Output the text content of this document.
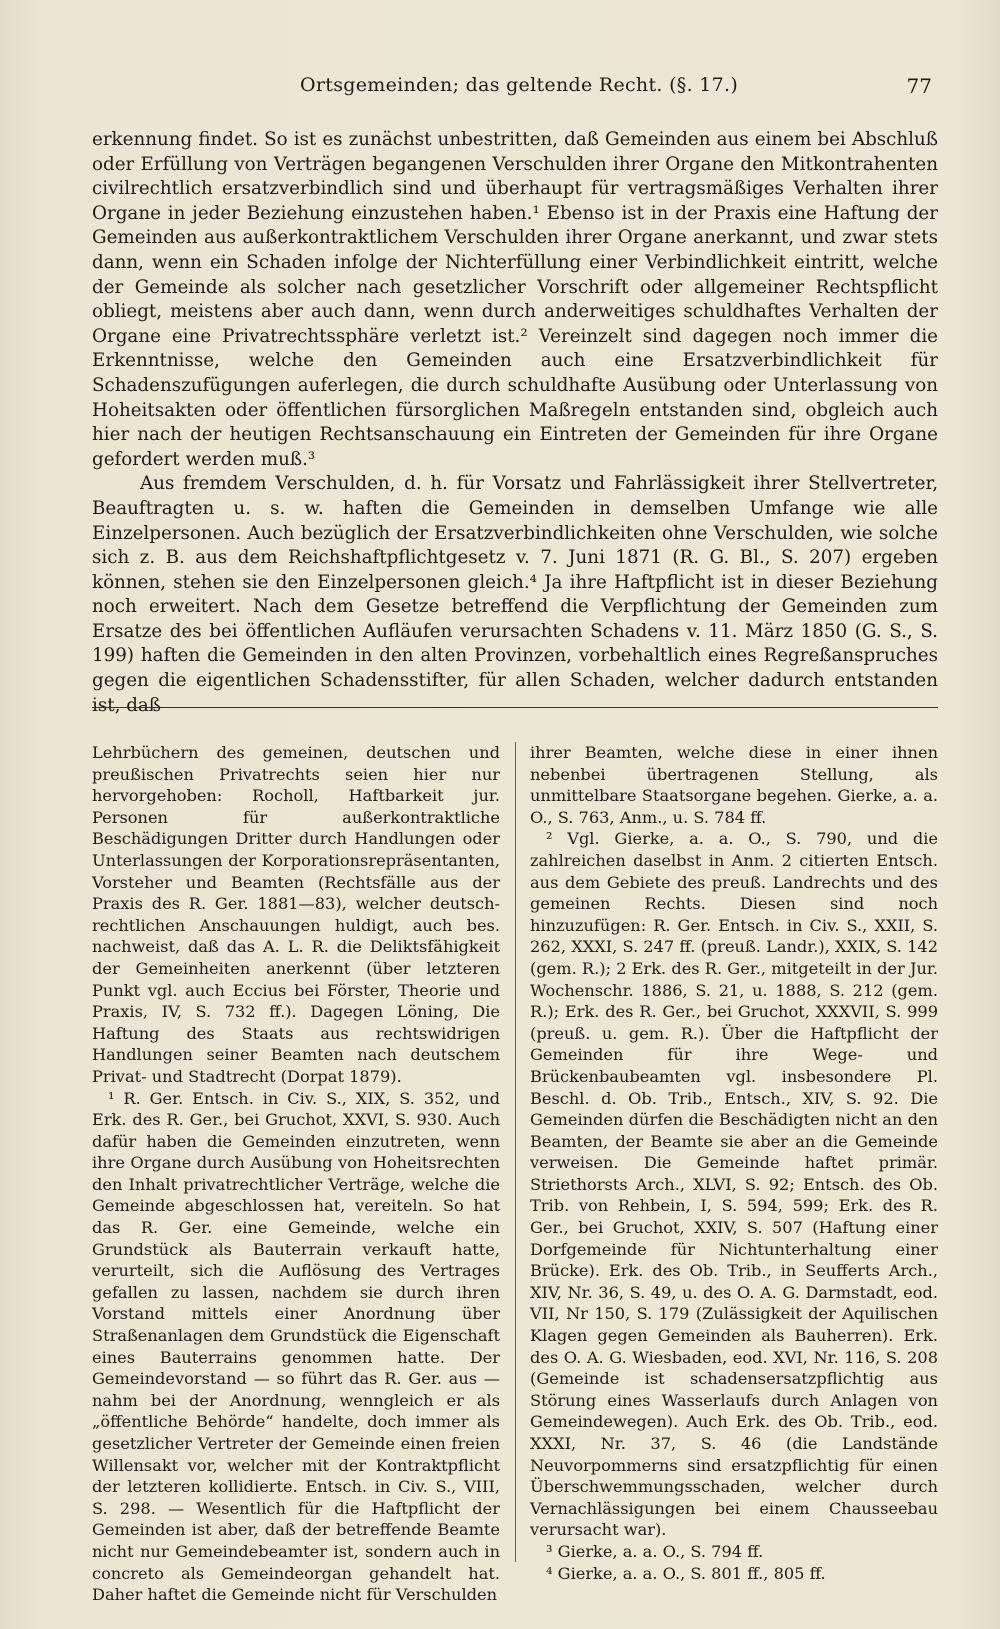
Ortsgemeinden; das geltende Recht. (§. 17.)	77

erkennung findet. So ist es zunächst unbestritten, daß Gemeinden aus einem bei Abschluß oder Erfüllung von Verträgen begangenen Verschulden ihrer Organe den Mitkontrahenten civilrechtlich ersatzverbindlich sind und überhaupt für vertragsmäßiges Verhalten ihrer Organe in jeder Beziehung einzustehen haben.¹ Ebenso ist in der Praxis eine Haftung der Gemeinden aus außerkontraktlichem Verschulden ihrer Organe anerkannt, und zwar stets dann, wenn ein Schaden infolge der Nichterfüllung einer Verbindlichkeit eintritt, welche der Gemeinde als solcher nach gesetzlicher Vorschrift oder allgemeiner Rechtspflicht obliegt, meistens aber auch dann, wenn durch anderweitiges schuldhaftes Verhalten der Organe eine Privatrechtssphäre verletzt ist.² Vereinzelt sind dagegen noch immer die Erkenntnisse, welche den Gemeinden auch eine Ersatzverbindlichkeit für Schadenszufügungen auferlegen, die durch schuldhafte Ausübung oder Unterlassung von Hoheitsakten oder öffentlichen fürsorglichen Maßregeln entstanden sind, obgleich auch hier nach der heutigen Rechtsanschauung ein Eintreten der Gemeinden für ihre Organe gefordert werden muß.³

Aus fremdem Verschulden, d. h. für Vorsatz und Fahrlässigkeit ihrer Stellvertreter, Beauftragten u. s. w. haften die Gemeinden in demselben Umfange wie alle Einzelpersonen. Auch bezüglich der Ersatzverbindlichkeiten ohne Verschulden, wie solche sich z. B. aus dem Reichshaftpflichtgesetz v. 7. Juni 1871 (R. G. Bl., S. 207) ergeben können, stehen sie den Einzelpersonen gleich.⁴ Ja ihre Haftpflicht ist in dieser Beziehung noch erweitert. Nach dem Gesetze betreffend die Verpflichtung der Gemeinden zum Ersatze des bei öffentlichen Aufläufen verursachten Schadens v. 11. März 1850 (G. S., S. 199) haften die Gemeinden in den alten Provinzen, vorbehaltlich eines Regreßanspruches gegen die eigentlichen Schadensstifter, für allen Schaden, welcher dadurch entstanden ist, daß

Lehrbüchern des gemeinen, deutschen und preußischen Privatrechts seien hier nur hervorgehoben: Rocholl, Haftbarkeit jur. Personen für außerkontraktliche Beschädigungen Dritter durch Handlungen oder Unterlassungen der Korporationsrepräsentanten, Vorsteher und Beamten (Rechtsfälle aus der Praxis des R. Ger. 1881—83), welcher deutsch-rechtlichen Anschauungen huldigt, auch bes. nachweist, daß das A. L. R. die Deliktsfähigkeit der Gemeinheiten anerkennt (über letzteren Punkt vgl. auch Eccius bei Förster, Theorie und Praxis, IV, S. 732 ff.). Dagegen Löning, Die Haftung des Staats aus rechtswidrigen Handlungen seiner Beamten nach deutschem Privat- und Stadtrecht (Dorpat 1879).

¹ R. Ger. Entsch. in Civ. S., XIX, S. 352, und Erk. des R. Ger., bei Gruchot, XXVI, S. 930. Auch dafür haben die Gemeinden einzutreten, wenn ihre Organe durch Ausübung von Hoheitsrechten den Inhalt privatrechtlicher Verträge, welche die Gemeinde abgeschlossen hat, vereiteln. So hat das R. Ger. eine Gemeinde, welche ein Grundstück als Bauterrain verkauft hatte, verurteilt, sich die Auflösung des Vertrages gefallen zu lassen, nachdem sie durch ihren Vorstand mittels einer Anordnung über Straßenanlagen dem Grundstück die Eigenschaft eines Bauterrains genommen hatte. Der Gemeindevorstand — so führt das R. Ger. aus — nahm bei der Anordnung, wenngleich er als „öffentliche Behörde“ handelte, doch immer als gesetzlicher Vertreter der Gemeinde einen freien Willensakt vor, welcher mit der Kontraktpflicht der letzteren kollidierte. Entsch. in Civ. S., VIII, S. 298. — Wesentlich für die Haftpflicht der Gemeinden ist aber, daß der betreffende Beamte nicht nur Gemeindebeamter ist, sondern auch in concreto als Gemeindeorgan gehandelt hat. Daher haftet die Gemeinde nicht für Verschulden

ihrer Beamten, welche diese in einer ihnen nebenbei übertragenen Stellung, als unmittelbare Staatsorgane begehen. Gierke, a. a. O., S. 763, Anm., u. S. 784 ff.

² Vgl. Gierke, a. a. O., S. 790, und die zahlreichen daselbst in Anm. 2 citierten Entsch. aus dem Gebiete des preuß. Landrechts und des gemeinen Rechts. Diesen sind noch hinzuzufügen: R. Ger. Entsch. in Civ. S., XXII, S. 262, XXXI, S. 247 ff. (preuß. Landr.), XXIX, S. 142 (gem. R.); 2 Erk. des R. Ger., mitgeteilt in der Jur. Wochenschr. 1886, S. 21, u. 1888, S. 212 (gem. R.); Erk. des R. Ger., bei Gruchot, XXXVII, S. 999 (preuß. u. gem. R.). Über die Haftpflicht der Gemeinden für ihre Wege- und Brückenbaubeamten vgl. insbesondere Pl. Beschl. d. Ob. Trib., Entsch., XIV, S. 92. Die Gemeinden dürfen die Beschädigten nicht an den Beamten, der Beamte sie aber an die Gemeinde verweisen. Die Gemeinde haftet primär. Striethorsts Arch., XLVI, S. 92; Entsch. des Ob. Trib. von Rehbein, I, S. 594, 599; Erk. des R. Ger., bei Gruchot, XXIV, S. 507 (Haftung einer Dorfgemeinde für Nichtunterhaltung einer Brücke). Erk. des Ob. Trib., in Seufferts Arch., XIV, Nr. 36, S. 49, u. des O. A. G. Darmstadt, eod. VII, Nr 150, S. 179 (Zulässigkeit der Aquilischen Klagen gegen Gemeinden als Bauherren). Erk. des O. A. G. Wiesbaden, eod. XVI, Nr. 116, S. 208 (Gemeinde ist schadensersatzpflichtig aus Störung eines Wasserlaufs durch Anlagen von Gemeindewegen). Auch Erk. des Ob. Trib., eod. XXXI, Nr. 37, S. 46 (die Landstände Neuvorpommerns sind ersatzpflichtig für einen Überschwemmungsschaden, welcher durch Vernachlässigungen bei einem Chausseebau verursacht war).

³ Gierke, a. a. O., S. 794 ff.

⁴ Gierke, a. a. O., S. 801 ff., 805 ff.
